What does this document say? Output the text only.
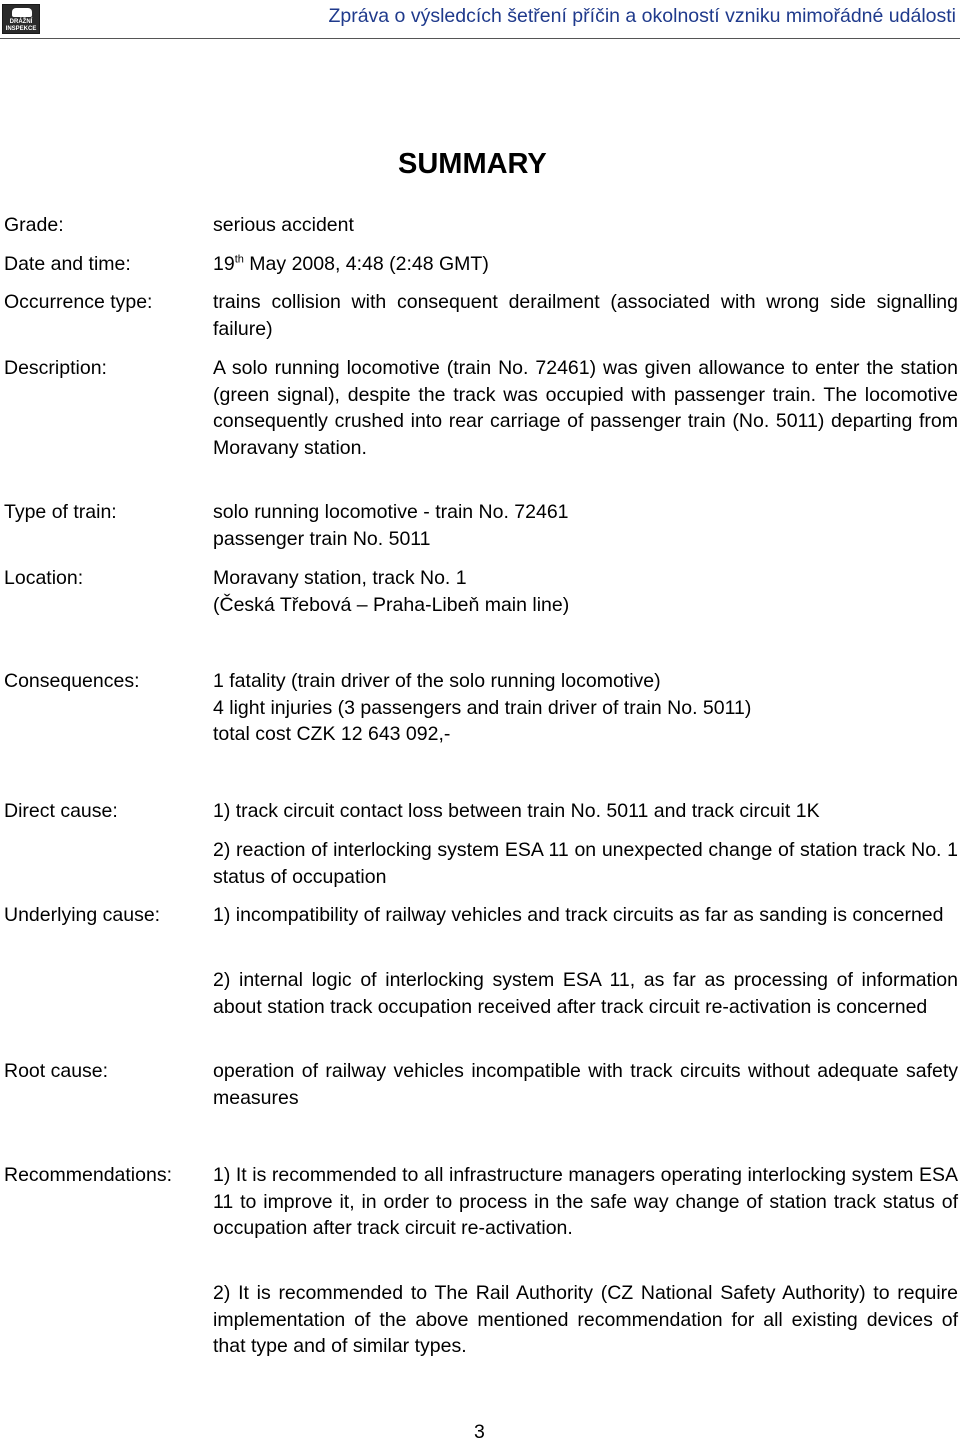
DRÁŽNÍ INSPEKCE
Zpráva o výsledcích šetření příčin a okolností vzniku mimořádné události
SUMMARY
Grade:	serious accident
Date and time:	19th May 2008, 4:48 (2:48 GMT)
Occurrence type:	trains collision with consequent derailment (associated with wrong side signalling failure)
Description:	A solo running locomotive (train No. 72461) was given allowance to enter the station (green signal), despite the track was occupied with passenger train. The locomotive consequently crushed into rear carriage of passenger train (No. 5011) departing from Moravany station.
Type of train:	solo running locomotive - train No. 72461
passenger train No. 5011
Location:	Moravany station, track No. 1
(Česká Třebová – Praha-Libeň main line)
Consequences:	1 fatality (train driver of the solo running locomotive)
4 light injuries (3 passengers and train driver of train No. 5011)
total cost CZK 12 643 092,-
Direct cause:	1) track circuit contact loss between train No. 5011 and track circuit 1K
2) reaction of interlocking system ESA 11 on unexpected change of station track No. 1 status of occupation
Underlying cause:	1) incompatibility of railway vehicles and track circuits as far as sanding is concerned
2) internal logic of interlocking system ESA 11, as far as processing of information about station track occupation received after track circuit re-activation is concerned
Root cause:	operation of railway vehicles incompatible with track circuits without adequate safety measures
Recommendations: 1) It is recommended to all infrastructure managers operating interlocking system ESA 11 to improve it, in order to process in the safe way change of station track status of occupation after track circuit re-activation.
2) It is recommended to The Rail Authority (CZ National Safety Authority) to require implementation of the above mentioned recommendation for all existing devices of that type and of similar types.
3
